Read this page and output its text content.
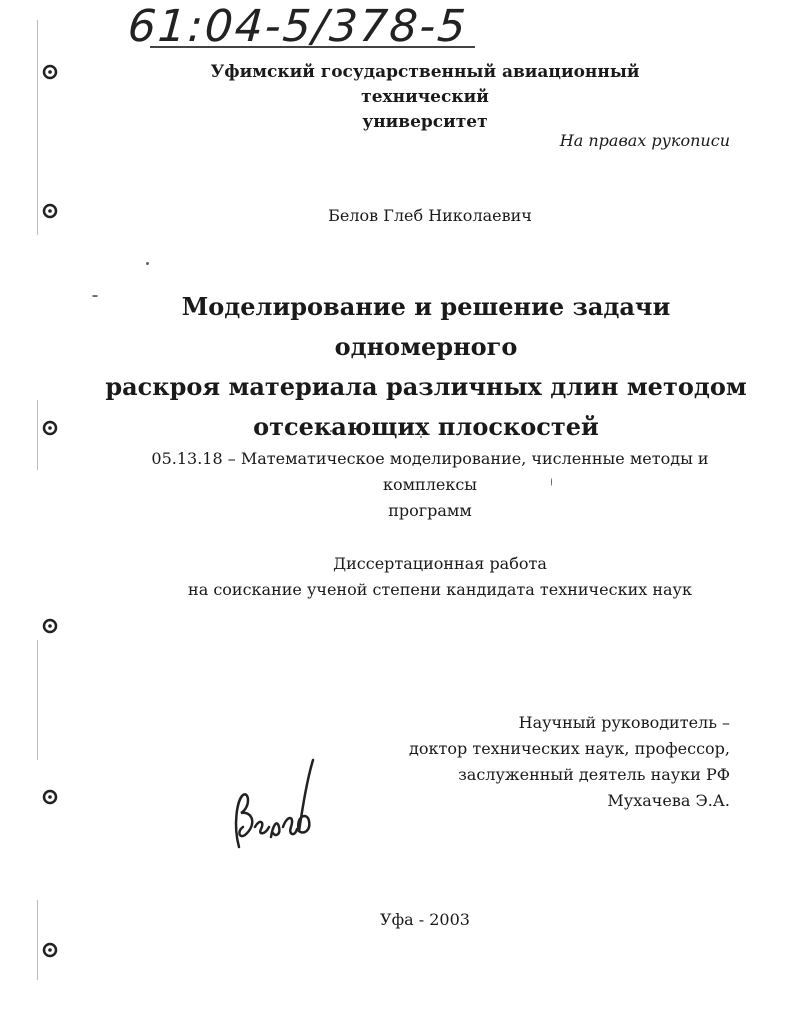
61:04-5/378-5
Уфимский государственный авиационный технический
университет
На правах рукописи
Белов Глеб Николаевич
Моделирование и решение задачи одномерного
раскроя материала различных длин методом
отсекающих плоскостей
05.13.18 – Математическое моделирование, численные методы и комплексы
программ
Диссертационная работа
на соискание ученой степени кандидата технических наук
Научный руководитель –
доктор технических наук, профессор,
заслуженный деятель науки РФ
Мухачева Э.А.
Уфа - 2003
